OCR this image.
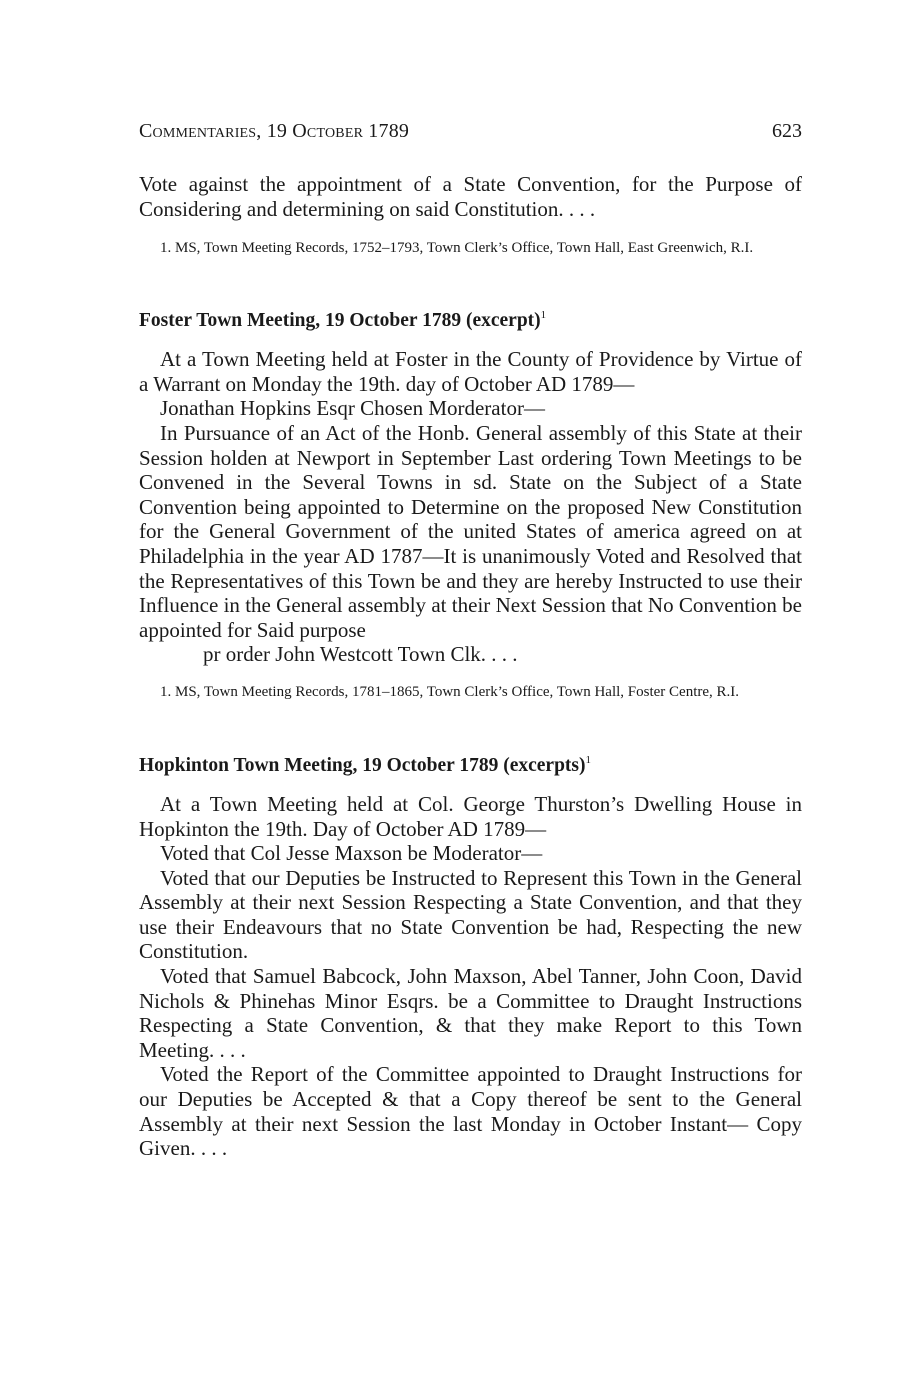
Commentaries, 19 October 1789	623

Vote against the appointment of a State Convention, for the Purpose of Considering and determining on said Constitution. . . .

1. MS, Town Meeting Records, 1752–1793, Town Clerk’s Office, Town Hall, East Greenwich, R.I.
Foster Town Meeting, 19 October 1789 (excerpt)$^1$

At a Town Meeting held at Foster in the County of Providence by Virtue of a Warrant on Monday the 19th. day of October AD 1789—

Jonathan Hopkins Esqr Chosen Morderator—

In Pursuance of an Act of the Honb. General assembly of this State at their Session holden at Newport in September Last ordering Town Meetings to be Convened in the Several Towns in sd. State on the Subject of a State Convention being appointed to Determine on the proposed New Constitution for the General Government of the united States of america agreed on at Philadelphia in the year AD 1787—It is unanimously Voted and Resolved that the Representatives of this Town be and they are hereby Instructed to use their Influence in the General assembly at their Next Session that No Convention be appointed for Said purpose

pr order John Westcott Town Clk. . . .

1. MS, Town Meeting Records, 1781–1865, Town Clerk’s Office, Town Hall, Foster Centre, R.I.
Hopkinton Town Meeting, 19 October 1789 (excerpts)$^1$

At a Town Meeting held at Col. George Thurston’s Dwelling House in Hopkinton the 19th. Day of October AD 1789—

Voted that Col Jesse Maxson be Moderator—

Voted that our Deputies be Instructed to Represent this Town in the General Assembly at their next Session Respecting a State Convention, and that they use their Endeavours that no State Convention be had, Respecting the new Constitution.

Voted that Samuel Babcock, John Maxson, Abel Tanner, John Coon, David Nichols & Phinehas Minor Esqrs. be a Committee to Draught Instructions Respecting a State Convention, & that they make Report to this Town Meeting. . . .

Voted the Report of the Committee appointed to Draught Instructions for our Deputies be Accepted & that a Copy thereof be sent to the General Assembly at their next Session the last Monday in October Instant— Copy Given. . . .
